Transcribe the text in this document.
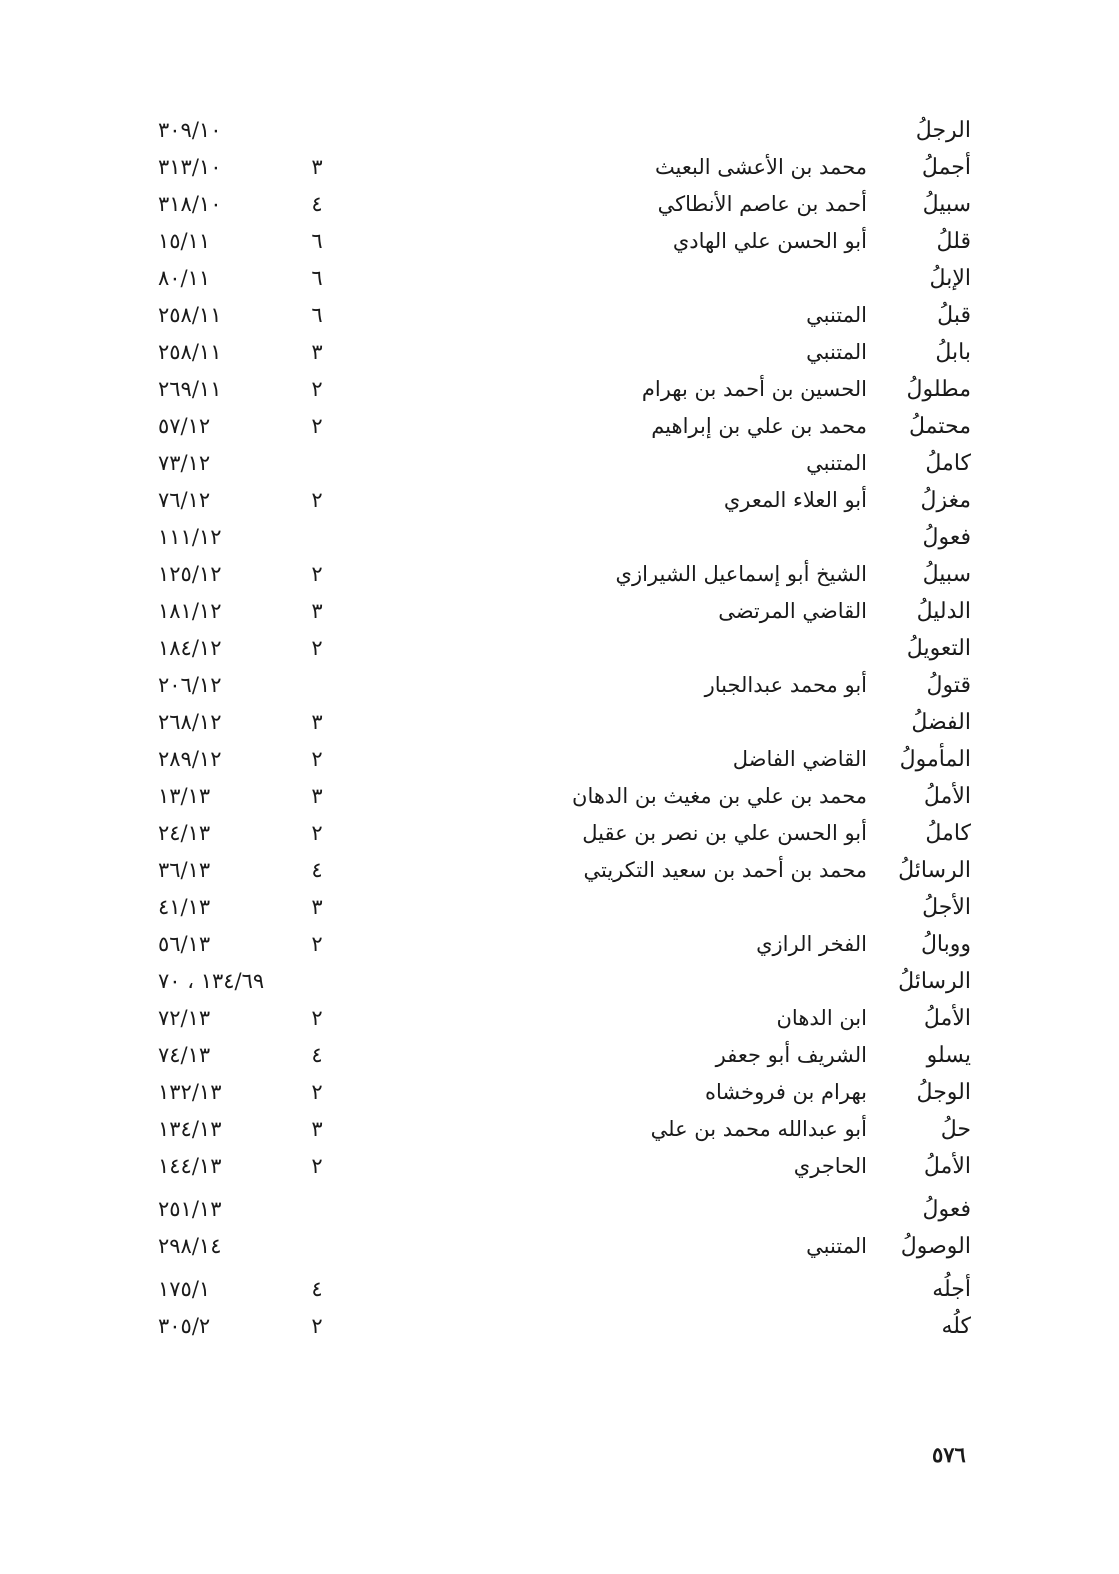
الرجلُ
٣٠٩/١٠
أجملُ
محمد بن الأعشى البعيث
٣
٣١٣/١٠
سبيلُ
أحمد بن عاصم الأنطاكي
٤
٣١٨/١٠
قللُ
أبو الحسن علي الهادي
٦
١٥/١١
الإبلُ
٦
٨٠/١١
قبلُ
المتنبي
٦
٢٥٨/١١
بابلُ
المتنبي
٣
٢٥٨/١١
مطلولُ
الحسين بن أحمد بن بهرام
٢
٢٦٩/١١
محتملُ
محمد بن علي بن إبراهيم
٢
٥٧/١٢
كاملُ
المتنبي
٧٣/١٢
مغزلُ
أبو العلاء المعري
٢
٧٦/١٢
فعولُ
١١١/١٢
سبيلُ
الشيخ أبو إسماعيل الشيرازي
٢
١٢٥/١٢
الدليلُ
القاضي المرتضى
٣
١٨١/١٢
التعويلُ
٢
١٨٤/١٢
قتولُ
أبو محمد عبدالجبار
٢٠٦/١٢
الفضلُ
٣
٢٦٨/١٢
المأمولُ
القاضي الفاضل
٢
٢٨٩/١٢
الأملُ
محمد بن علي بن مغيث بن الدهان
٣
١٣/١٣
كاملُ
أبو الحسن علي بن نصر بن عقيل
٢
٢٤/١٣
الرسائلُ
محمد بن أحمد بن سعيد التكريتي
٤
٣٦/١٣
الأجلُ
٣
٤١/١٣
ووبالُ
الفخر الرازي
٢
٥٦/١٣
الرسائلُ
١٣٤/٦٩ ، ٧٠
الأملُ
ابن الدهان
٢
٧٢/١٣
يسلو
الشريف أبو جعفر
٤
٧٤/١٣
الوجلُ
بهرام بن فروخشاه
٢
١٣٢/١٣
حلُ
أبو عبدالله محمد بن علي
٣
١٣٤/١٣
الأملُ
الحاجري
٢
١٤٤/١٣
فعولُ
٢٥١/١٣
الوصولُ
المتنبي
٢٩٨/١٤
أجلُه
٤
١٧٥/١
كلُه
٢
٣٠٥/٢
٥٧٦
